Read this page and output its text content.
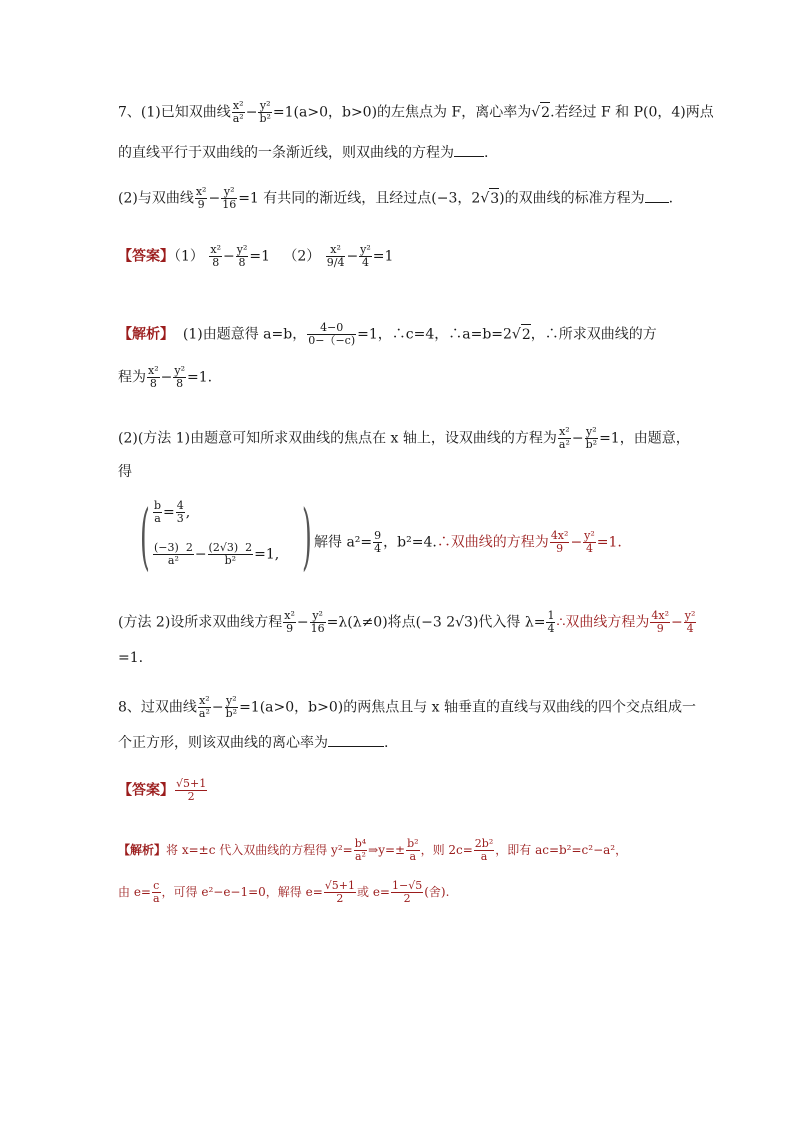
7、(1)已知双曲线 $\frac{\text{x²}}{\text{a²}} - \frac{\text{y²}}{\text{b²}} =1(a>0$，b>0)的左焦点为 F，离心率为√2.若经过 F 和 P(0，4)两点
的直线平行于双曲线的一条渐近线，则双曲线的方程为 .
(2)与双曲线 $\frac{\text{x²}}{9} - \frac{\text{y²}}{16} =1$ 有共同的渐近线，且经过点(−3，2√3)的双曲线的标准方程为 .
【答案】$(1) \frac{\text{x²}}{8} - \frac{\text{y²}}{8} =1$ $(2) \frac{\text{x²}}{9/4} - \frac{\text{y²}}{4} =1$
【解析】 (1)由题意得 a=b， $\frac{4-0}{0-(-c)} =1$，∴c=4，∴a=b=2√2，∴所求双曲线的方
程为 $\frac{\text{x²}}{8} - \frac{\text{y²}}{8} =1$.
(2)(方法 1)由题意可知所求双曲线的焦点在 x 轴上，设双曲线的方程为 $\frac{\text{x²}}{\text{a²}} - \frac{\text{y²}}{\text{b²}} =1$，由题意，
得
( $\frac{b}{a} = \frac{4}{3}$ ,
$\frac{(-3) 2}{\text{a²}} - \frac{(2√3) 2}{\text{b²}} =1$, ) 解得 $a^2= \frac{9}{4}$ ，b²=4.∴双曲线的方程为 $\frac{\text{4x²}}{9} - \frac{\text{y²}}{4} =1$.
(方法 2)设所求双曲线方程 $\frac{\text{x²}}{9} - \frac{\text{y²}}{16} =\lambda(\lambda\ne 0)$将点(−3 2√3)代入得 $\lambda= \frac{1}{4}$ ∴双曲线方程为 $\frac{\text{4x²}}{9} - \frac{\text{y²}}{4}$
=1.
8、过双曲线 $\frac{\text{x²}}{\text{a²}} - \frac{\text{y²}}{\text{b²}} =1(a>0$，b>0)的两焦点且与 x 轴垂直的直线与双曲线的四个交点组成一
个正方形，则该双曲线的离心率为	.
【答案】 $\frac{√5+1}{2}$
【解析】将 x=±c 代入双曲线的方程得 $y^2= \frac{\text{b⁴}}{\text{a²}}$ ⇒y=± $\frac{\text{b²}}{a}$ ，则 $2c= \frac{\text{2b²}}{a}$ ，即有 ac=b²=c²−a²，
由 $e= \frac{c}{a}$ ，可得 e²−e−1=0，解得 $e= \frac{√5+1}{2}$ 或 $e= \frac{1-√5}{2}$ (舍).
